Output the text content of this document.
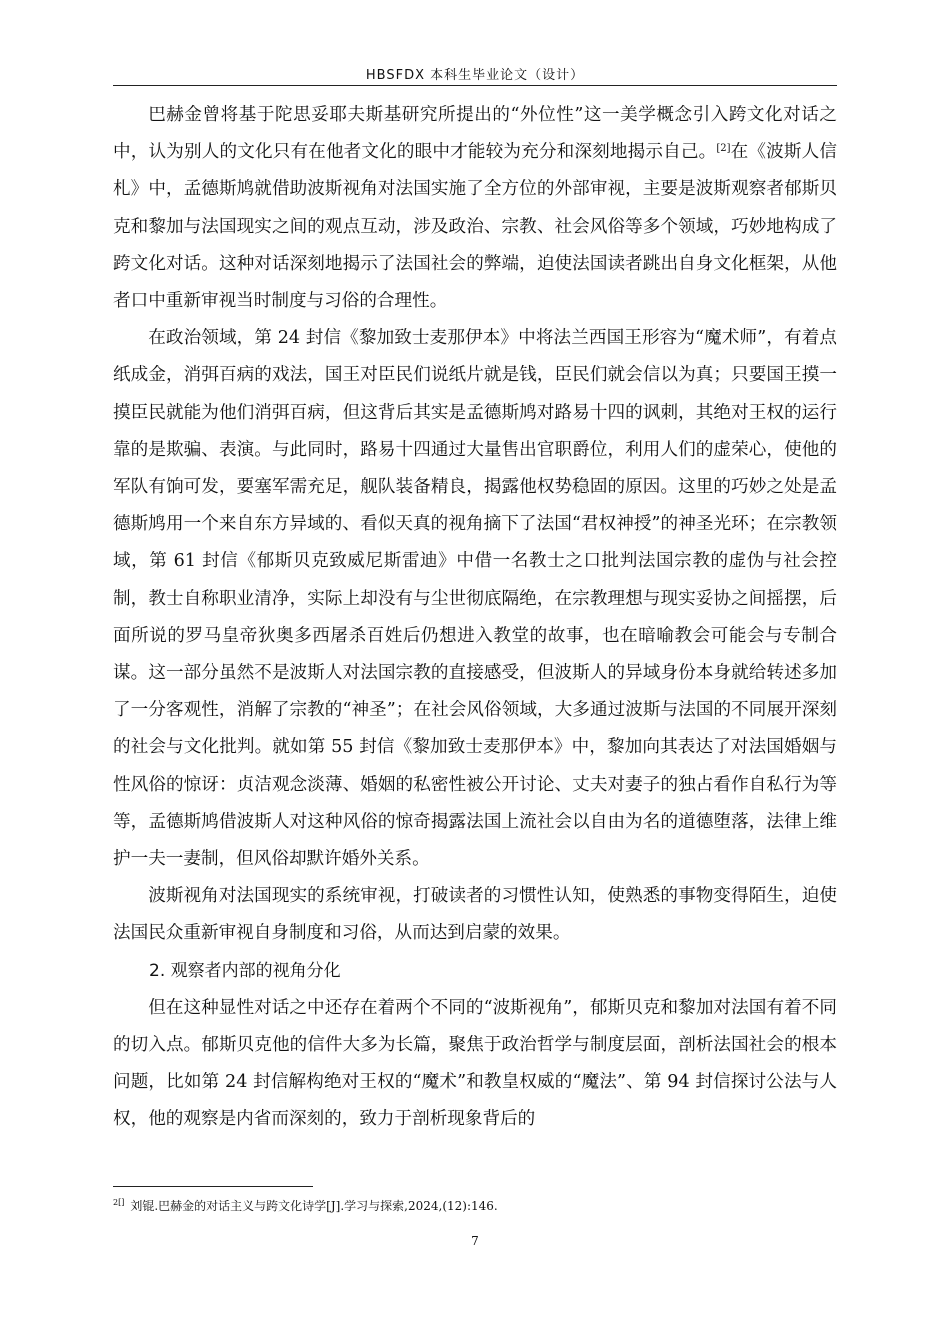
HBSFDX 本科生毕业论文（设计）

巴赫金曾将基于陀思妥耶夫斯基研究所提出的“外位性”这一美学概念引入跨文化对话之中，认为别人的文化只有在他者文化的眼中才能较为充分和深刻地揭示自己。[2]在《波斯人信札》中，孟德斯鸠就借助波斯视角对法国实施了全方位的外部审视，主要是波斯观察者郁斯贝克和黎加与法国现实之间的观点互动，涉及政治、宗教、社会风俗等多个领域，巧妙地构成了跨文化对话。这种对话深刻地揭示了法国社会的弊端，迫使法国读者跳出自身文化框架，从他者口中重新审视当时制度与习俗的合理性。

在政治领域，第 24 封信《黎加致士麦那伊本》中将法兰西国王形容为“魔术师”，有着点纸成金，消弭百病的戏法，国王对臣民们说纸片就是钱，臣民们就会信以为真；只要国王摸一摸臣民就能为他们消弭百病，但这背后其实是孟德斯鸠对路易十四的讽刺，其绝对王权的运行靠的是欺骗、表演。与此同时，路易十四通过大量售出官职爵位，利用人们的虚荣心，使他的军队有饷可发，要塞军需充足，舰队装备精良，揭露他权势稳固的原因。这里的巧妙之处是孟德斯鸠用一个来自东方异域的、看似天真的视角摘下了法国“君权神授”的神圣光环；在宗教领域，第 61 封信《郁斯贝克致威尼斯雷迪》中借一名教士之口批判法国宗教的虚伪与社会控制，教士自称职业清净，实际上却没有与尘世彻底隔绝，在宗教理想与现实妥协之间摇摆，后面所说的罗马皇帝狄奥多西屠杀百姓后仍想进入教堂的故事，也在暗喻教会可能会与专制合谋。这一部分虽然不是波斯人对法国宗教的直接感受，但波斯人的异域身份本身就给转述多加了一分客观性，消解了宗教的“神圣”；在社会风俗领域，大多通过波斯与法国的不同展开深刻的社会与文化批判。就如第 55 封信《黎加致士麦那伊本》中，黎加向其表达了对法国婚姻与性风俗的惊讶：贞洁观念淡薄、婚姻的私密性被公开讨论、丈夫对妻子的独占看作自私行为等等，孟德斯鸠借波斯人对这种风俗的惊奇揭露法国上流社会以自由为名的道德堕落，法律上维护一夫一妻制，但风俗却默许婚外关系。

波斯视角对法国现实的系统审视，打破读者的习惯性认知，使熟悉的事物变得陌生，迫使法国民众重新审视自身制度和习俗，从而达到启蒙的效果。

2. 观察者内部的视角分化

但在这种显性对话之中还存在着两个不同的“波斯视角”，郁斯贝克和黎加对法国有着不同的切入点。郁斯贝克他的信件大多为长篇，聚焦于政治哲学与制度层面，剖析法国社会的根本问题，比如第 24 封信解构绝对王权的“魔术”和教皇权威的“魔法”、第 94 封信探讨公法与人权，他的观察是内省而深刻的，致力于剖析现象背后的

$^{2[]}$ 刘锟.巴赫金的对话主义与跨文化诗学[J].学习与探索,2024,(12):146.
7
